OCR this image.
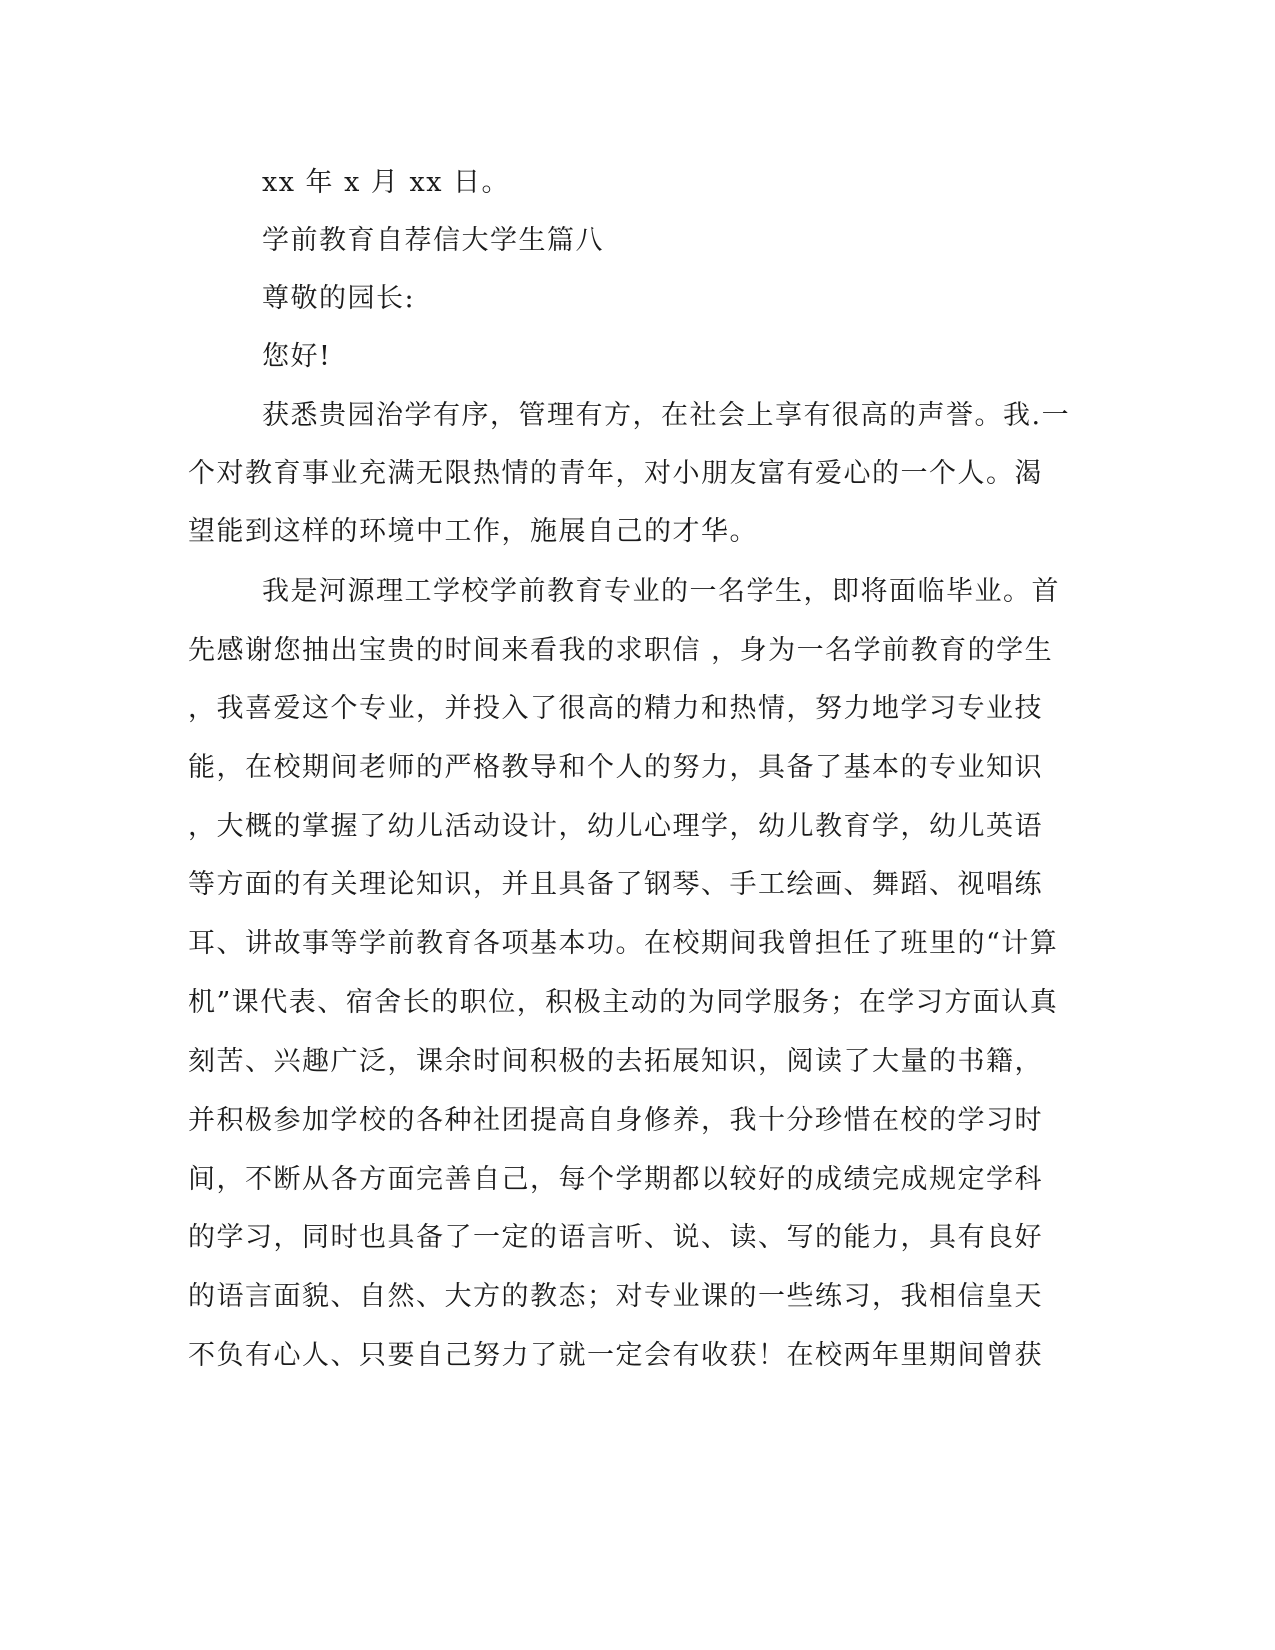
xx 年 x 月 xx 日。

学前教育自荐信大学生篇八

尊敬的园长:

您好!

获悉贵园治学有序，管理有方，在社会上享有很高的声誉。我.一

个对教育事业充满无限热情的青年，对小朋友富有爱心的一个人。渴

望能到这样的环境中工作，施展自己的才华。

我是河源理工学校学前教育专业的一名学生，即将面临毕业。首

先感谢您抽出宝贵的时间来看我的求职信 ，身为一名学前教育的学生

，我喜爱这个专业，并投入了很高的精力和热情，努力地学习专业技

能，在校期间老师的严格教导和个人的努力，具备了基本的专业知识

，大概的掌握了幼儿活动设计，幼儿心理学，幼儿教育学，幼儿英语

等方面的有关理论知识，并且具备了钢琴、手工绘画、舞蹈、视唱练

耳、讲故事等学前教育各项基本功。在校期间我曾担任了班里的“计算

机”课代表、宿舍长的职位，积极主动的为同学服务；在学习方面认真

刻苦、兴趣广泛，课余时间积极的去拓展知识，阅读了大量的书籍，

并积极参加学校的各种社团提高自身修养，我十分珍惜在校的学习时

间，不断从各方面完善自己，每个学期都以较好的成绩完成规定学科

的学习，同时也具备了一定的语言听、说、读、写的能力，具有良好

的语言面貌、自然、大方的教态；对专业课的一些练习，我相信皇天

不负有心人、只要自己努力了就一定会有收获！在校两年里期间曾获
